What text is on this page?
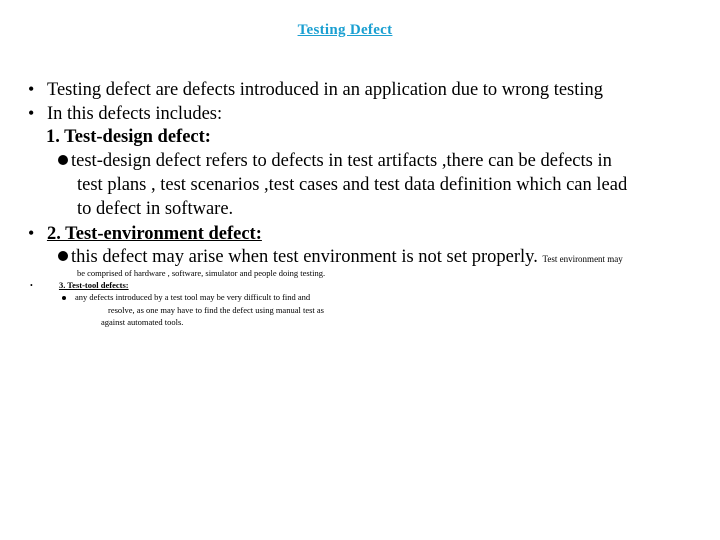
Testing Defect
• Testing defect are defects introduced in an application due to wrong testing
• In this defects includes:
1. Test-design defect:
test-design defect refers to defects in test artifacts ,there can be defects in
test plans , test scenarios ,test cases and test data definition which can lead
to defect in software.
• 2. Test-environment defect:
this defect may arise when test environment is not set properly. Test environment may
be comprised of hardware , software, simulator and people doing testing.
•	3. Test-tool defects:
any defects introduced by a test tool may be very difficult to find and
resolve, as one may have to find the defect using manual test as
against automated tools.
